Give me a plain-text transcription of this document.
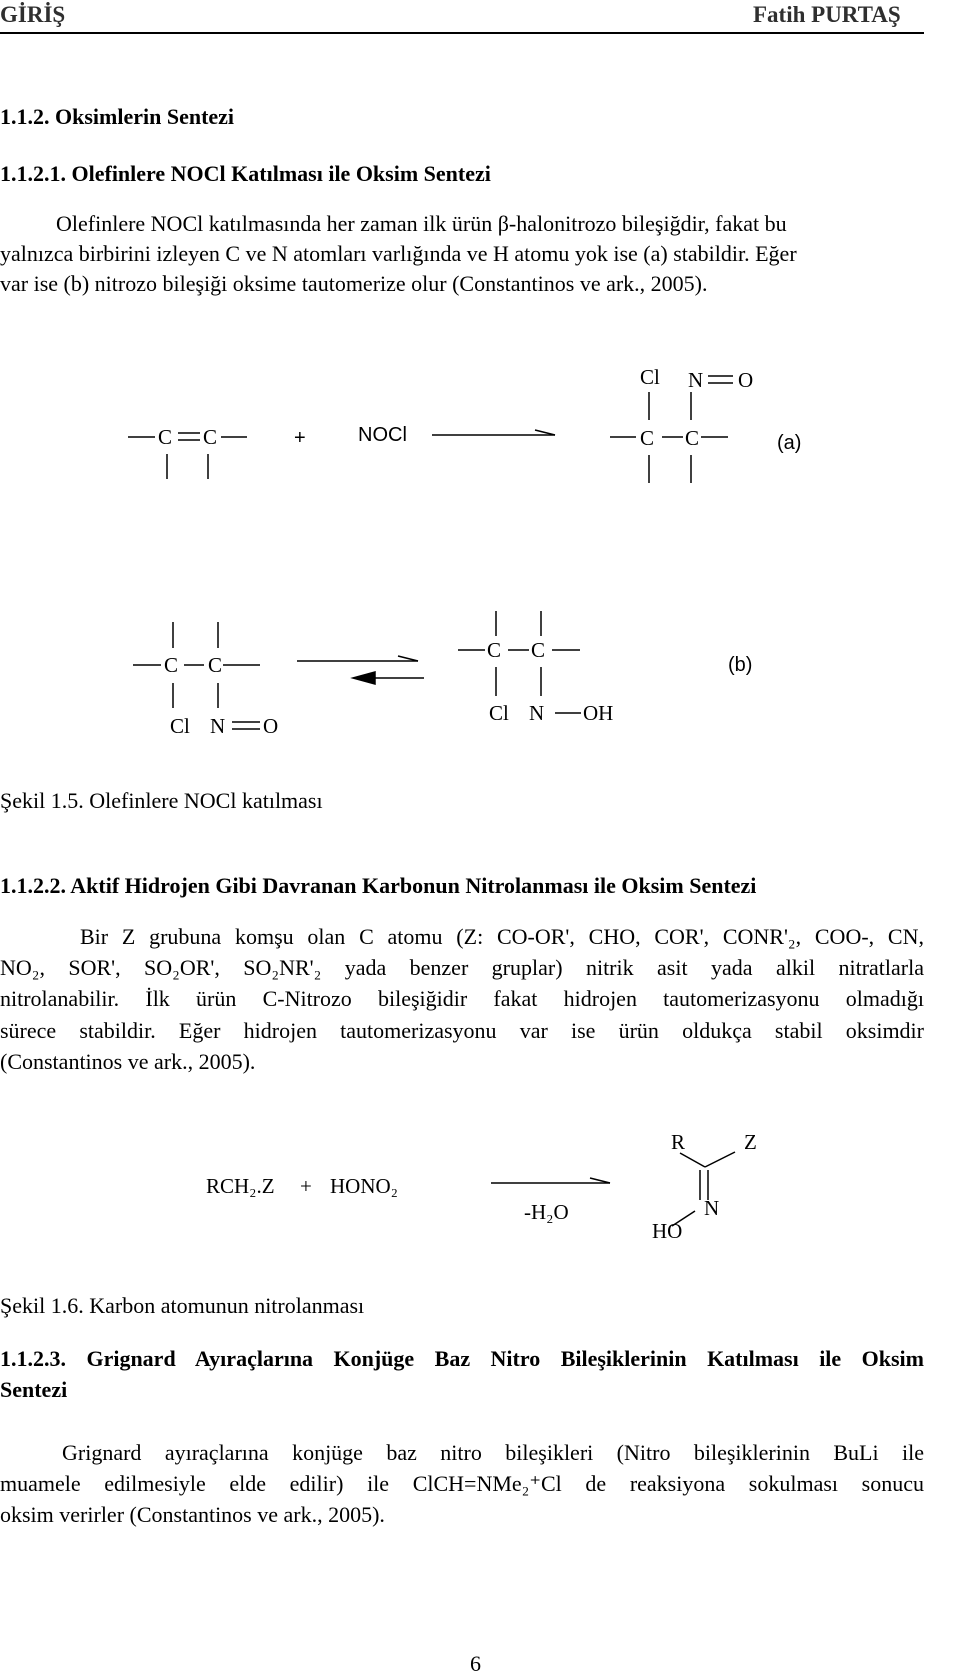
GİRİŞ	Fatih PURTAŞ
1.1.2. Oksimlerin Sentezi
1.1.2.1. Olefinlere NOCl Katılması ile Oksim Sentezi
Olefinlere NOCl katılmasında her zaman ilk ürün β-halonitrozo bileşiğdir, fakat bu
yalnızca birbirini izleyen C ve N atomları varlığında ve H atomu yok ise (a) stabildir. Eğer
var ise (b) nitrozo bileşiği oksime tautomerize olur (Constantinos ve ark., 2005).
C C	+	NOCl
Cl N O
C C	(a)
C C
Cl N O
C C
(b)
Cl N OH
Şekil 1.5. Olefinlere NOCl katılması
1.1.2.2. Aktif Hidrojen Gibi Davranan Karbonun Nitrolanması ile Oksim Sentezi
Bir Z grubuna komşu olan C atomu (Z: CO-OR', CHO, COR', CONR'₂, COO-, CN,
NO₂, SOR', SO₂OR', SO₂NR'₂ yada benzer gruplar) nitrik asit yada alkil nitratlarla
nitrolanabilir. İlk ürün C-Nitrozo bileşiğidir fakat hidrojen tautomerizasyonu olmadığı
sürece stabildir. Eğer hidrojen tautomerizasyonu var ise ürün oldukça stabil oksimdir
(Constantinos ve ark., 2005).
RCH₂.Z + HONO₂
-H₂O
R	Z
N
HO
Şekil 1.6. Karbon atomunun nitrolanması
1.1.2.3. Grignard Ayıraçlarına Konjüge Baz Nitro Bileşiklerinin Katılması ile Oksim
Sentezi
Grignard ayıraçlarına konjüge baz nitro bileşikleri (Nitro bileşiklerinin BuLi ile
muamele edilmesiyle elde edilir) ile ClCH=NMe₂⁺Cl de reaksiyona sokulması sonucu
oksim verirler (Constantinos ve ark., 2005).
6
